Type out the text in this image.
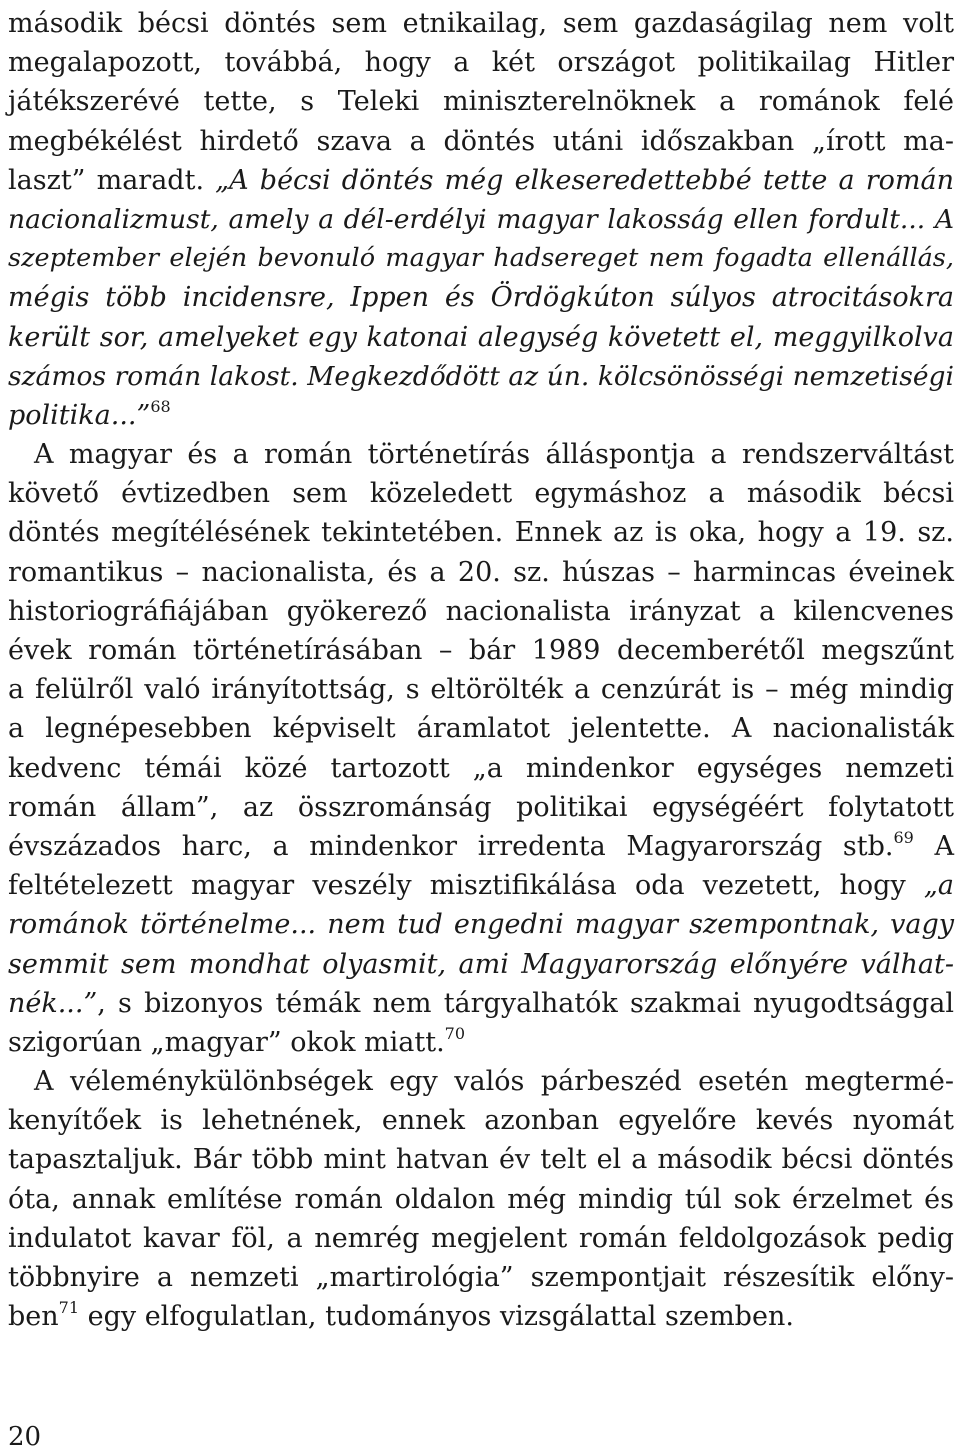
második bécsi döntés sem etnikailag, sem gazdaságilag nem volt
megalapozott, továbbá, hogy a két országot politikailag Hitler
játékszerévé tette, s Teleki miniszterelnöknek a románok felé
megbékélést hirdető szava a döntés utáni időszakban „írott ma-
laszt” maradt. „A bécsi döntés még elkeseredettebbé tette a román
nacionalizmust, amely a dél-erdélyi magyar lakosság ellen fordult... A
szeptember elején bevonuló magyar hadsereget nem fogadta ellenállás,
mégis több incidensre, Ippen és Ördögkúton súlyos atrocitásokra
került sor, amelyeket egy katonai alegység követett el, meggyilkolva
számos román lakost. Megkezdődött az ún. kölcsönösségi nemzetiségi
politika...”$^{68}$
A magyar és a román történetírás álláspontja a rendszerváltást
követő évtizedben sem közeledett egymáshoz a második bécsi
döntés megítélésének tekintetében. Ennek az is oka, hogy a 19. sz.
romantikus – nacionalista, és a 20. sz. húszas – harmincas éveinek
historiográfiájában gyökerező nacionalista irányzat a kilencvenes
évek román történetírásában – bár 1989 decemberétől megszűnt
a felülről való irányítottság, s eltörölték a cenzúrát is – még mindig
a legnépesebben képviselt áramlatot jelentette. A nacionalisták
kedvenc témái közé tartozott „a mindenkor egységes nemzeti
román állam”, az összrománság politikai egységéért folytatott
évszázados harc, a mindenkor irredenta Magyarország stb.$^{69}$ A
feltételezett magyar veszély misztifikálása oda vezetett, hogy „a
románok történelme... nem tud engedni magyar szempontnak, vagy
semmit sem mondhat olyasmit, ami Magyarország előnyére válhat-
nék...”, s bizonyos témák nem tárgyalhatók szakmai nyugodtsággal
szigorúan „magyar” okok miatt.$^{70}$
A véleménykülönbségek egy valós párbeszéd esetén megtermé-
kenyítőek is lehetnének, ennek azonban egyelőre kevés nyomát
tapasztaljuk. Bár több mint hatvan év telt el a második bécsi döntés
óta, annak említése román oldalon még mindig túl sok érzelmet és
indulatot kavar föl, a nemrég megjelent román feldolgozások pedig
többnyire a nemzeti „martirológia” szempontjait részesítik előny-
ben$^{71}$ egy elfogulatlan, tudományos vizsgálattal szemben.
20
